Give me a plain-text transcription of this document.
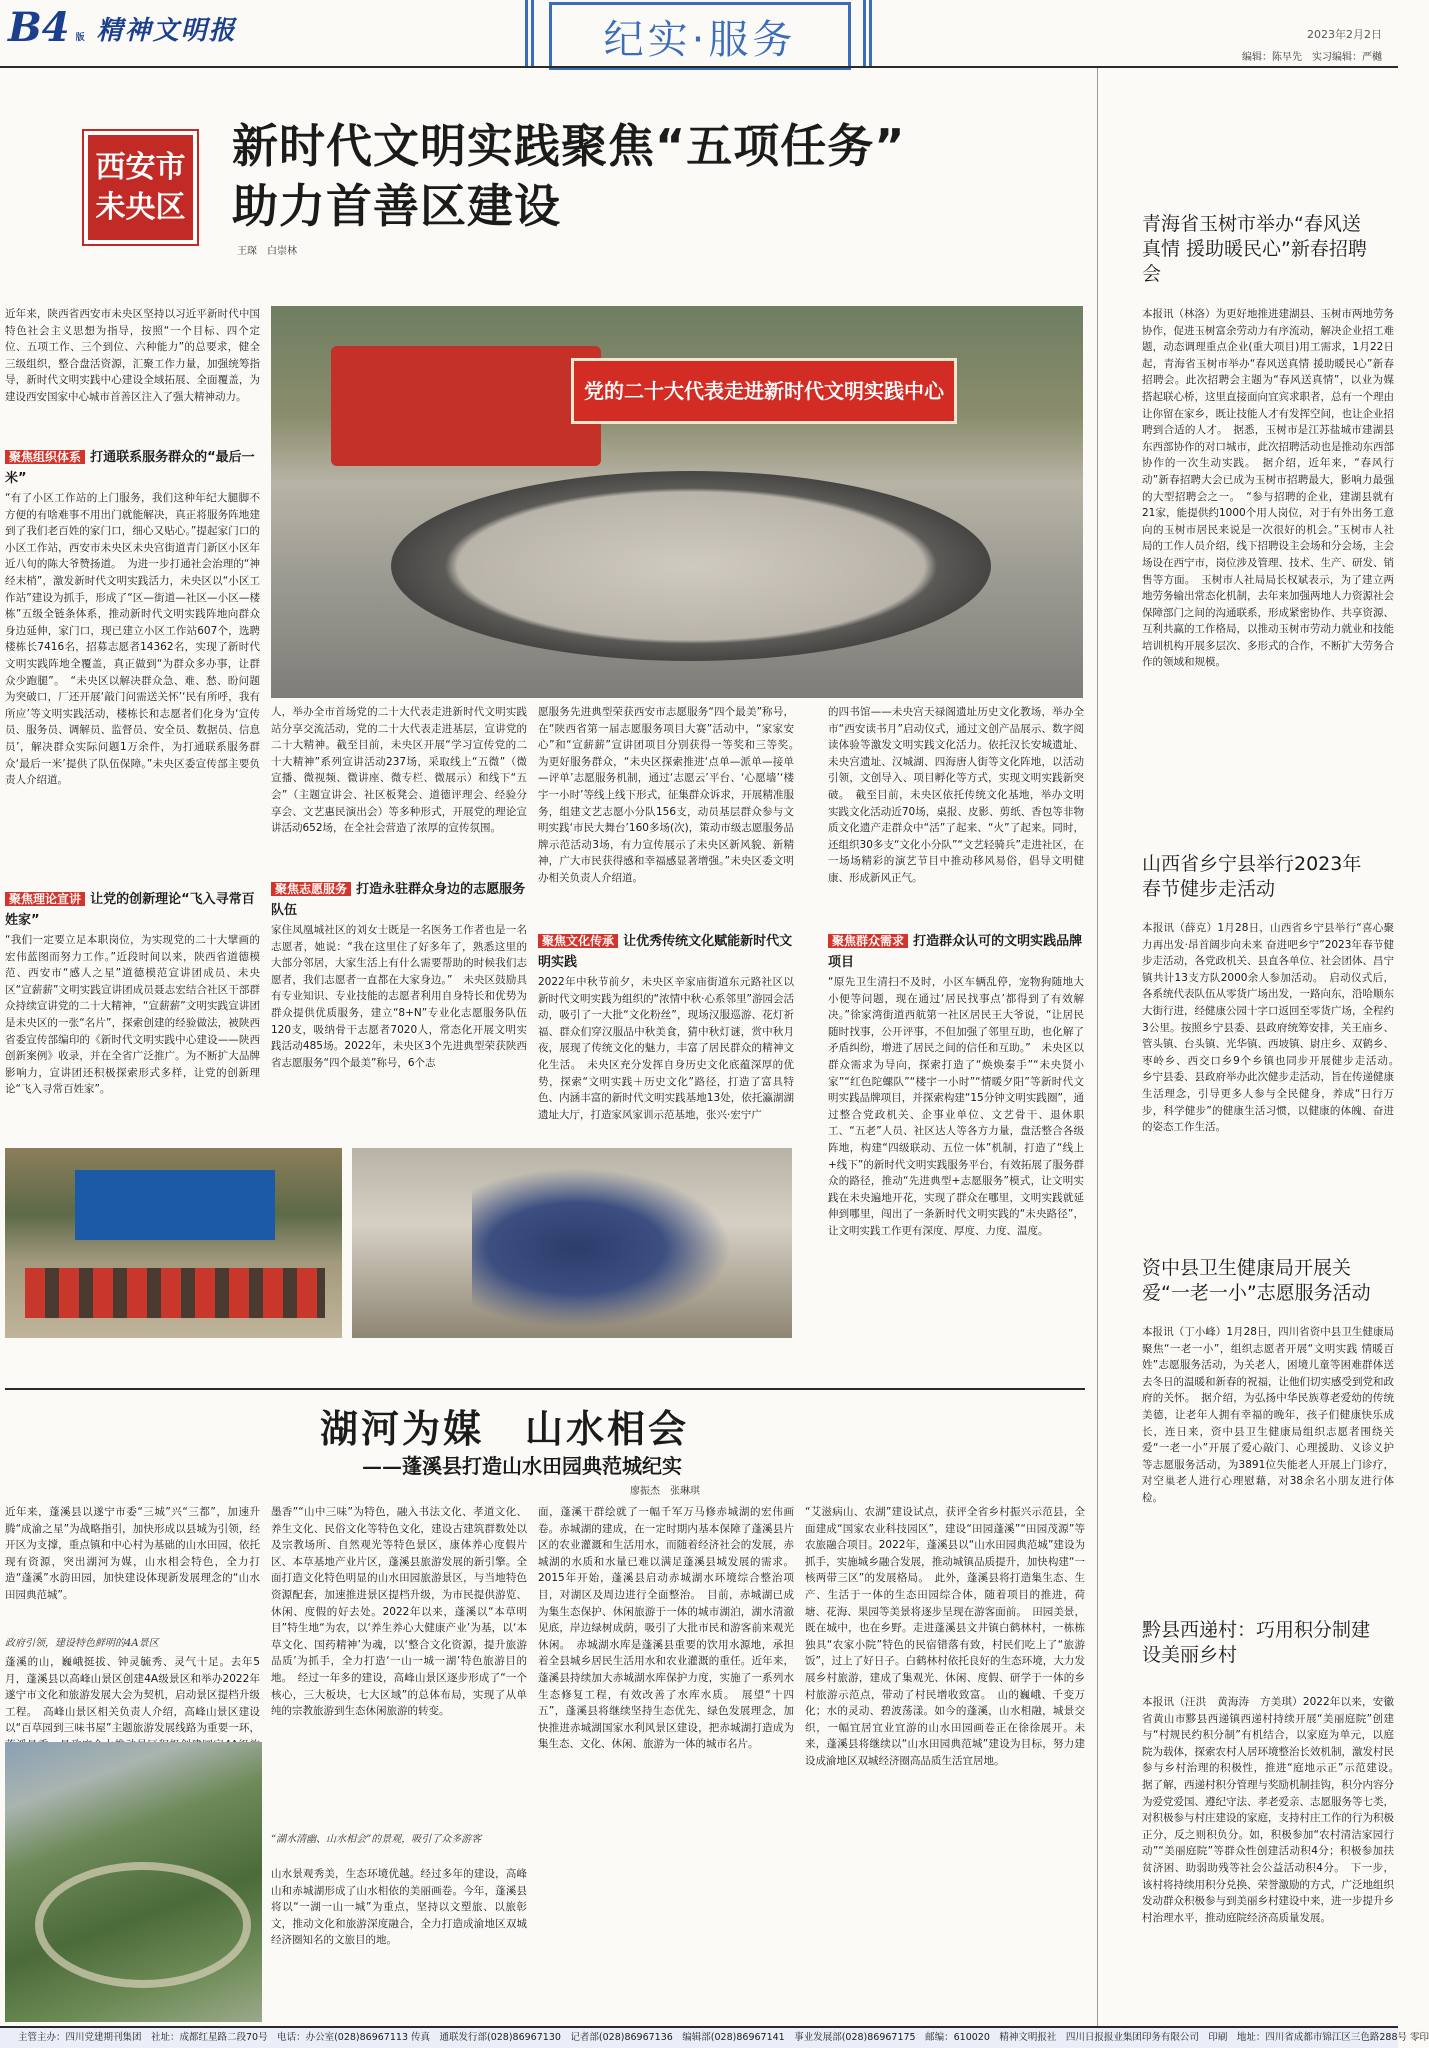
B4 版 精神文明报	纪实·服务	2023年2月2日
编辑：陈早先　实习编辑：严樾
西安市
未央区
新时代文明实践聚焦“五项任务”
助力首善区建设
王琛　白崇林
党的二十大代表走进新时代文明实践中心
近年来，陕西省西安市未央区坚持以习近平新时代中国特色社会主义思想为指导，按照“一个目标、四个定位、五项工作、三个到位、六种能力”的总要求，健全三级组织，整合盘活资源，汇聚工作力量，加强统筹指导，新时代文明实践中心建设全域拓展、全面覆盖，为建设西安国家中心城市首善区注入了强大精神动力。
聚焦组织体系 打通联系服务群众的“最后一米”
“有了小区工作站的上门服务，我们这种年纪大腿脚不方便的有啥难事不用出门就能解决，真正将服务阵地建到了我们老百姓的家门口，细心又贴心。”提起家门口的小区工作站，西安市未央区未央宫街道青门新区小区年近八旬的陈大爷赞扬道。　为进一步打通社会治理的“神经末梢”，激发新时代文明实践活力，未央区以“小区工作站”建设为抓手，形成了“区—街道—社区—小区—楼栋”五级全链条体系，推动新时代文明实践阵地向群众身边延伸，家门口，现已建立小区工作站607个，选聘楼栋长7416名，招募志愿者14362名，实现了新时代文明实践阵地全覆盖，真正做到“为群众多办事，让群众少跑腿”。　“未央区以解决群众急、难、愁、盼问题为突破口，厂还开展‘敲门问需送关怀’‘民有所呼，我有所应’等文明实践活动，楼栋长和志愿者们化身为‘宣传员、服务员、调解员、监督员、安全员、数据员、信息员’，解决群众实际问题1万余件，为打通联系服务群众‘最后一米’提供了队伍保障。”未央区委宣传部主要负责人介绍道。
聚焦理论宣讲 让党的创新理论“飞入寻常百姓家”
“我们一定要立足本职岗位，为实现党的二十大擘画的宏伟蓝图而努力工作。”近段时间以来，陕西省道德模范、西安市“感人之星”道德模范宣讲团成员、未央区“宣薪薪”文明实践宣讲团成员聂志宏结合社区干部群众持续宣讲党的二十大精神，“宣薪薪”文明实践宣讲团是未央区的一张“名片”，探索创建的经验做法，被陕西省委宣传部编印的《新时代文明实践中心建设——陕西创新案例》收录，并在全省广泛推广。为不断扩大品牌影响力，宣讲团还积极探索形式多样，让党的创新理论“飞入寻常百姓家”。
人，举办全市首场党的二十大代表走进新时代文明实践站分享交流活动，党的二十大代表走进基层，宣讲党的二十大精神。截至目前，未央区开展“学习宣传党的二十大精神”系列宣讲活动237场，采取线上“五微”（微宣播、微视频、微讲座、微专栏、微展示）和线下“五会”（主题宣讲会、社区板凳会、道德评理会、经验分享会、文艺惠民演出会）等多种形式，开展党的理论宣讲活动652场，在全社会营造了浓厚的宣传氛围。
聚焦志愿服务 打造永驻群众身边的志愿服务队伍
家住凤凰城社区的刘女士既是一名医务工作者也是一名志愿者，她说：“我在这里住了好多年了，熟悉这里的大部分邻居，大家生活上有什么需要帮助的时候我们志愿者，我们志愿者一直都在大家身边。”　未央区鼓励具有专业知识、专业技能的志愿者利用自身特长和优势为群众提供优质服务，建立“8+N”专业化志愿服务队伍120支，吸纳骨干志愿者7020人，常态化开展文明实践活动485场。2022年，未央区3个先进典型荣获陕西省志愿服务“四个最美”称号，6个志
愿服务先进典型荣获西安市志愿服务“四个最美”称号，在“陕西省第一届志愿服务项目大赛”活动中，“家家安心”和“宣薪薪”宣讲团项目分别获得一等奖和三等奖。　为更好服务群众，“未央区探索推进‘点单—派单—接单—评单’志愿服务机制，通过‘志愿云’平台、‘心愿墙’‘楼宇一小时’等线上线下形式，征集群众诉求，开展精准服务，组建文艺志愿小分队156支，动员基层群众参与文明实践‘市民大舞台’160多场(次)，策动市级志愿服务品牌示范活动3场，有力宣传展示了未央区新风貌、新精神，广大市民获得感和幸福感显著增强。”未央区委文明办相关负责人介绍道。
聚焦文化传承 让优秀传统文化赋能新时代文明实践
2022年中秋节前夕，未央区辛家庙街道东元路社区以新时代文明实践为组织的“浓情中秋·心系邻里”游园会活动，吸引了一大批“文化粉丝”，现场汉服巡游、花灯祈福、群众们穿汉服品中秋美食，猜中秋灯谜，赏中秋月夜，展现了传统文化的魅力，丰富了居民群众的精神文化生活。　未央区充分发挥自身历史文化底蕴深厚的优势，探索“文明实践＋历史文化”路径，打造了富具特色、内涵丰富的新时代文明实践基地13处，依托瀛湖湖遗址大厅，打造家风家训示范基地，张兴·宏宁广
的四书馆——未央宫天禄阁遗址历史文化教场，举办全市“西安读书月”启动仪式，通过文创产品展示、数字阅读体验等激发文明实践文化活力。依托汉长安城遗址、未央宫遗址、汉城湖、四海唐人街等文化阵地，以活动引领，文创导入、项目孵化等方式，实现文明实践新突破。　截至目前，未央区依托传统文化基地，举办文明实践文化活动近70场，桌报、皮影、剪纸、香包等非物质文化遗产走群众中“活”了起来、“火”了起来。同时，还组织30多支“文化小分队”“文艺轻骑兵”走进社区，在一场场精彩的演艺节目中推动移风易俗，倡导文明健康、形成新风正气。
聚焦群众需求 打造群众认可的文明实践品牌项目
“原先卫生清扫不及时，小区车辆乱停，宠物狗随地大小便等问题，现在通过‘居民找事点’都得到了有效解决。”徐家湾街道西航第一社区居民王大爷说，“让居民随时找事，公开评事，不但加强了邻里互助，也化解了矛盾纠纷，增进了居民之间的信任和互助。”　未央区以群众需求为导向，探索打造了“焕焕秦手”“未央贤小家”“红色陀螺队”“楼宇一小时”“情暖夕阳”等新时代文明实践品牌项目，并探索构建“15分钟文明实践圈”，通过整合党政机关、企事业单位、文艺骨干、退休职工、“五老”人员、社区达人等各方力量，盘活整合各级阵地，构建“四级联动、五位一体”机制，打造了“线上+线下”的新时代文明实践服务平台，有效拓展了服务群众的路径，推动“先进典型+志愿服务”模式，让文明实践在未央遍地开花，实现了群众在哪里，文明实践就延伸到哪里，闯出了一条新时代文明实践的“未央路径”，让文明实践工作更有深度、厚度、力度、温度。
湖河为媒　山水相会
——蓬溪县打造山水田园典范城纪实
廖振杰　张琳琪
近年来，蓬溪县以遂宁市委“三城”兴“三都”，加速升腾“成渝之星”为战略指引，加快形成以县城为引领，经开区为支撑，重点镇和中心村为基础的山水田园，依托现有资源，突出湖河为媒，山水相会特色，全力打造“蓬溪”水韵田园，加快建设体现新发展理念的“山水田园典范城”。
政府引领，建设特色鲜明的4A景区
蓬溪的山，巍峨挺拔、钟灵毓秀、灵气十足。去年5月，蓬溪县以高峰山景区创建4A级景区和举办2022年遂宁市文化和旅游发展大会为契机，启动景区提档升级工程。　高峰山景区相关负责人介绍，高峰山景区建设以“百草园到三味书屋”主题旅游发展线路为重要一环，
墨香”“山中三味”为特色，融入书法文化、孝道文化、养生文化、民俗文化等特色文化，建设古建筑群数处以及宗教场所、自然观光等特色景区，康体养心度假片区、本草基地产业片区，蓬溪县旅游发展的新引擎。全面打造文化特色明显的山水田园旅游景区，与当地特色资源配套，加速推进景区提档升级，为市民提供游览、休闲、度假的好去处。2022年以来，蓬溪以“本草明目”特生地“为农，以‘养生养心大健康产业’为基，以‘本草文化、国药精神’为魂，以‘整合文化资源，提升旅游品质’为抓手，全力打造‘一山一城一湖’特色旅游目的地。　经过一年多的建设，高峰山景区逐步形成了“一个核心，三大板块，七大区域”的总体布局，实现了从单纯的宗教旅游到生态休闲旅游的转变。
“湖水清幽、山水相会”的景观，吸引了众多游客
山水景观秀美，生态环境优越。经过多年的建设，高峰山和赤城湖形成了山水相依的美丽画卷。今年，蓬溪县将以“一湖一山一城”为重点，坚持以文塑旅、以旅彰文，推动文化和旅游深度融合，全力打造成渝地区双城经济圈知名的文旅目的地。
面，蓬溪干群绘就了一幅千军万马修赤城湖的宏伟画卷。赤城湖的建成，在一定时期内基本保障了蓬溪县片区的农业灌溉和生活用水，而随着经济社会的发展，赤城湖的水质和水量已难以满足蓬溪县城发展的需求。2015年开始，蓬溪县启动赤城湖水环境综合整治项目，对湖区及周边进行全面整治。　目前，赤城湖已成为集生态保护、休闲旅游于一体的城市湖泊，湖水清澈见底，岸边绿树成荫，吸引了大批市民和游客前来观光休闲。　赤城湖水库是蓬溪县重要的饮用水源地，承担着全县城乡居民生活用水和农业灌溉的重任。近年来，蓬溪县持续加大赤城湖水库保护力度，实施了一系列水生态修复工程，有效改善了水库水质。　展望“十四五”，蓬溪县将继续坚持生态优先、绿色发展理念，加快推进赤城湖国家水利风景区建设，把赤城湖打造成为集生态、文化、休闲、旅游为一体的城市名片。
“艾滋病山、农湖”建设试点，获评全省乡村振兴示范县，全面建成“国家农业科技园区”，建设“田园蓬溪”“田园茂源”等农旅融合项目。2022年，蓬溪县以“山水田园典范城”建设为抓手，实施城乡融合发展，推动城镇品质提升，加快构建“一核两带三区”的发展格局。　此外，蓬溪县将打造集生态、生产、生活于一体的生态田园综合体，随着项目的推进，荷塘、花海、果园等美景将逐步呈现在游客面前。　田园美景，既在城中，也在乡野。走进蓬溪县文井镇白鹤林村，一栋栋独具“农家小院”特色的民宿错落有致，村民们吃上了“旅游饭”，过上了好日子。白鹤林村依托良好的生态环境，大力发展乡村旅游，建成了集观光、休闲、度假、研学于一体的乡村旅游示范点，带动了村民增收致富。　山的巍峨、千变万化；水的灵动、碧波荡漾。如今的蓬溪，山水相融，城景交织，一幅宜居宜业宜游的山水田园画卷正在徐徐展开。未来，蓬溪县将继续以“山水田园典范城”建设为目标，努力建设成渝地区双城经济圈高品质生活宜居地。
青海省玉树市举办“春风送真情 援助暖民心”新春招聘会
本报讯（林洛）为更好地推进建湖县、玉树市两地劳务协作，促进玉树富余劳动力有序流动，解决企业招工难题，动态调理重点企业(重大项目)用工需求，1月22日起，青海省玉树市举办“春风送真情 援助暖民心”新春招聘会。此次招聘会主题为“春风送真情”，以业为媒搭起联心桥，这里直接面向宜宾求职者，总有一个理由让你留在家乡，既让技能人才有发挥空间，也让企业招聘到合适的人才。　据悉，玉树市是江苏盐城市建湖县东西部协作的对口城市，此次招聘活动也是推动东西部协作的一次生动实践。　据介绍，近年来，“春风行动”新春招聘大会已成为玉树市招聘最大，影响力最强的大型招聘会之一。　“参与招聘的企业，建湖县就有21家，能提供约1000个用人岗位，对于有外出务工意向的玉树市居民来说是一次很好的机会。”玉树市人社局的工作人员介绍，线下招聘设主会场和分会场，主会场设在西宁市，岗位涉及管理、技术、生产、研发、销售等方面。　玉树市人社局局长权斌表示，为了建立两地劳务输出常态化机制，去年来加强两地人力资源社会保障部门之间的沟通联系，形成紧密协作、共享资源、互利共赢的工作格局，以推动玉树市劳动力就业和技能培训机构开展多层次、多形式的合作，不断扩大劳务合作的领域和规模。
山西省乡宁县举行2023年春节健步走活动
本报讯（薛克）1月28日，山西省乡宁县举行“喜心聚力再出发·昂首阔步向未来 奋进吧乡宁”2023年春节健步走活动，各党政机关、县直各单位、社会团体、昌宁镇共计13支方队2000余人参加活动。　启动仪式后，各系统代表队伍从零货广场出发，一路向东，沿哈顺东大街行进，经健康公园十字口返回至零货广场，全程约3公里。按照乡宁县委、县政府统筹安排，关王庙乡、管头镇、台头镇、光华镇、西坡镇、尉庄乡、双鹤乡、枣岭乡、西交口乡9个乡镇也同步开展健步走活动。　乡宁县委、县政府举办此次健步走活动，旨在传递健康生活理念，引导更多人参与全民健身，养成“日行万步，科学健步”的健康生活习惯，以健康的体魄、奋进的姿态工作生活。
资中县卫生健康局开展关爱“一老一小”志愿服务活动
本报讯（丁小峰）1月28日，四川省资中县卫生健康局聚焦“一老一小”，组织志愿者开展“文明实践 情暖百姓”志愿服务活动，为关老人，困境儿童等困难群体送去冬日的温暖和新春的祝福，让他们切实感受到党和政府的关怀。　据介绍，为弘扬中华民族尊老爱幼的传统美德，让老年人拥有幸福的晚年，孩子们健康快乐成长，连日来，资中县卫生健康局组织志愿者围绕关爱“一老一小”开展了爱心敲门、心理援助、义诊义护等志愿服务活动，为3891位失能老人开展上门诊疗，对空巢老人进行心理慰藉，对38余名小朋友进行体检。
黔县西递村：巧用积分制建设美丽乡村
本报讯（汪洪　黄海涛　方美琪）2022年以来，安徽省黄山市黟县西递镇西递村持续开展“美丽庭院”创建与“村规民约积分制”有机结合，以家庭为单元，以庭院为载体，探索农村人居环境整治长效机制，激发村民参与乡村治理的积极性，推进“庭地示正”示范建设。　据了解，西递村积分管理与奖励机制挂钩，积分内容分为爱党爱国、遵纪守法、孝老爱亲、志愿服务等七类，对积极参与村庄建设的家庭，支持村庄工作的行为积极正分，反之则积负分。如，积极参加“农村清洁家园行动”“美丽庭院”等群众性创建活动积4分；积极参加扶贫济困、助弱助残等社会公益活动积4分。　下一步，该村将持续用积分兑换、荣誉激励的方式，广泛地组织发动群众积极参与到美丽乡村建设中来，进一步提升乡村治理水平，推动庭院经济高质量发展。
主管主办：四川党建期刊集团　社址：成都红星路二段70号　电话：办公室(028)86967113 传真　通联发行部(028)86967130　记者部(028)86967136　编辑部(028)86967141　事业发展部(028)86967175　邮编：610020　精神文明报社　四川日报报业集团印务有限公司　印刷　地址：四川省成都市锦江区三色路288号 零印
